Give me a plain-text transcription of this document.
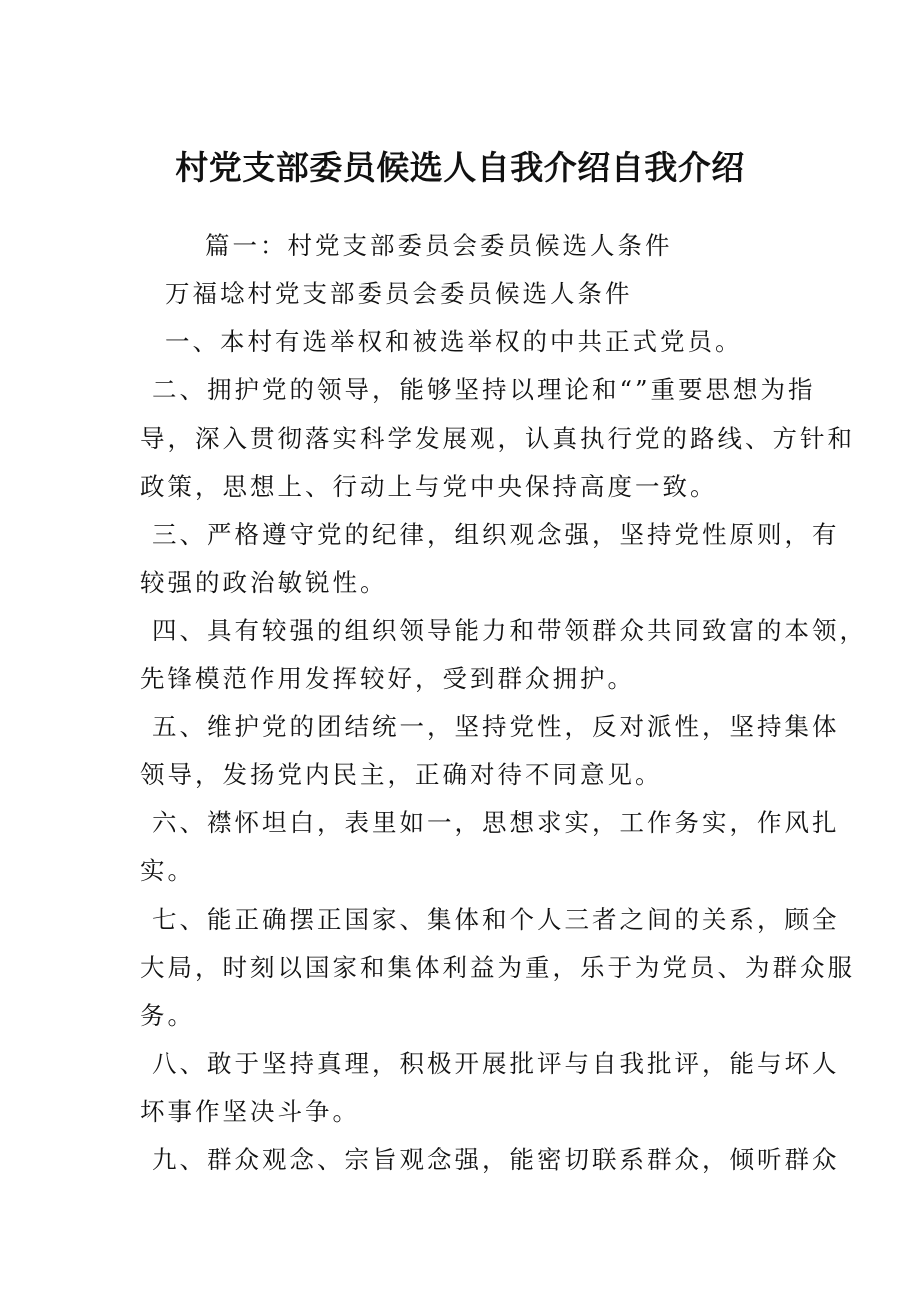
村党支部委员候选人自我介绍自我介绍
篇一：村党支部委员会委员候选人条件
万福埝村党支部委员会委员候选人条件
一、本村有选举权和被选举权的中共正式党员。
二、拥护党的领导，能够坚持以理论和“”重要思想为指
导，深入贯彻落实科学发展观，认真执行党的路线、方针和
政策，思想上、行动上与党中央保持高度一致。
三、严格遵守党的纪律，组织观念强，坚持党性原则，有
较强的政治敏锐性。
四、具有较强的组织领导能力和带领群众共同致富的本领，
先锋模范作用发挥较好，受到群众拥护。
五、维护党的团结统一，坚持党性，反对派性，坚持集体
领导，发扬党内民主，正确对待不同意见。
六、襟怀坦白，表里如一，思想求实，工作务实，作风扎
实。
七、能正确摆正国家、集体和个人三者之间的关系，顾全
大局，时刻以国家和集体利益为重，乐于为党员、为群众服
务。
八、敢于坚持真理，积极开展批评与自我批评，能与坏人
坏事作坚决斗争。
九、群众观念、宗旨观念强，能密切联系群众，倾听群众
